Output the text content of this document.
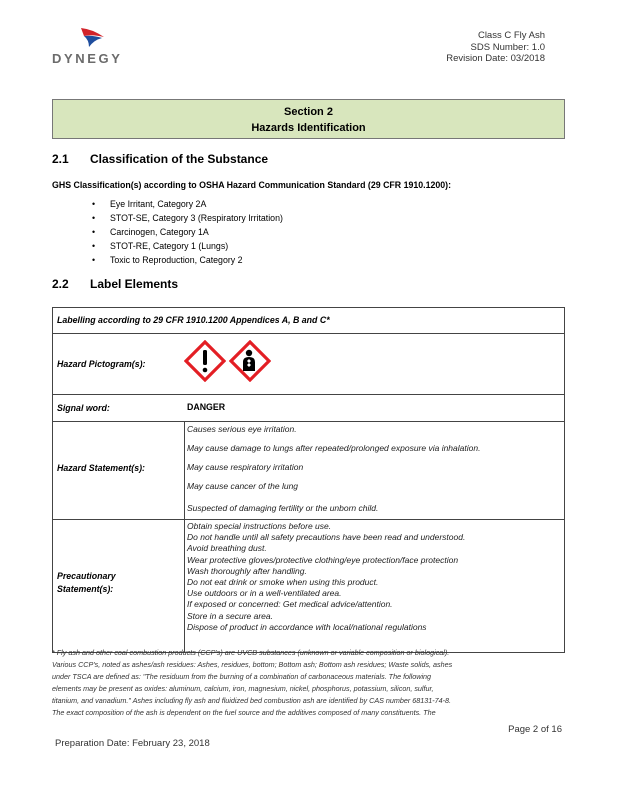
DYNEGY
Class C Fly Ash
SDS Number: 1.0
Revision Date: 03/2018
Section 2
Hazards Identification
2.1 Classification of the Substance
GHS Classification(s) according to OSHA Hazard Communication Standard (29 CFR 1910.1200):
• Eye Irritant, Category 2A
• STOT-SE, Category 3 (Respiratory Irritation)
• Carcinogen, Category 1A
• STOT-RE, Category 1 (Lungs)
• Toxic to Reproduction, Category 2
2.2 Label Elements
Labelling according to 29 CFR 1910.1200 Appendices A, B and C*
Hazard Pictogram(s):
Signal word:	DANGER
Hazard Statement(s):
Causes serious eye irritation.
May cause damage to lungs after repeated/prolonged exposure via inhalation.
May cause respiratory irritation
May cause cancer of the lung
Suspected of damaging fertility or the unborn child.
Precautionary
Statement(s):
Obtain special instructions before use.
Do not handle until all safety precautions have been read and understood.
Avoid breathing dust.
Wear protective gloves/protective clothing/eye protection/face protection
Wash thoroughly after handling.
Do not eat drink or smoke when using this product.
Use outdoors or in a well-ventilated area.
If exposed or concerned: Get medical advice/attention.
Store in a secure area.
Dispose of product in accordance with local/national regulations
* Fly ash and other coal combustion products (CCP's) are UVCB substances (unknown or variable composition or biological).
Various CCP's, noted as ashes/ash residues: Ashes, residues, bottom; Bottom ash; Bottom ash residues; Waste solids, ashes
under TSCA are defined as: "The residuum from the burning of a combination of carbonaceous materials. The following
elements may be present as oxides: aluminum, calcium, iron, magnesium, nickel, phosphorus, potassium, silicon, sulfur,
titanium, and vanadium." Ashes including fly ash and fluidized bed combustion ash are identified by CAS number 68131-74-8.
The exact composition of the ash is dependent on the fuel source and the additives composed of many constituents. The
Page 2 of 16
Preparation Date: February 23, 2018
